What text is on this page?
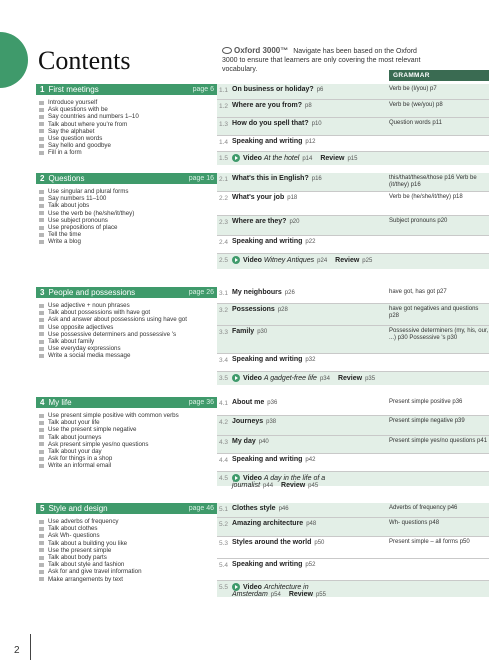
Contents	Oxford 3000™ Navigate has been based on the Oxford 3000 to ensure that learners are only covering the most relevant vocabulary.
GRAMMAR
1 First meetings	page 6
Introduce yourself
Ask questions with be
Say countries and numbers 1–10
Talk about where you're from
Say the alphabet
Use question words
Say hello and goodbye
Fill in a form
1.1 On business or holiday? p6	Verb be (I/you) p7
1.2 Where are you from? p8	Verb be (we/you) p8
1.3 How do you spell that? p10	Question words p11
1.4 Speaking and writing p12
1.5	Video At the hotel p14 Review p15
2 Questions	page 16
Use singular and plural forms
Say numbers 11–100
Talk about jobs
Use the verb be (he/she/it/they)
Use subject pronouns
Use prepositions of place
Tell the time
Write a blog
2.1 What's this in English? p16	this/that/these/those p16 Verb be (it/they) p16
2.2 What's your job p18	Verb be (he/she/it/they) p18
2.3 Where are they? p20	Subject pronouns p20
2.4 Speaking and writing p22
2.5	Video Witney Antiques p24 Review p25
3 People and possessions	page 26
Use adjective + noun phrases
Talk about possessions with have got
Ask and answer about possessions using have got
Use opposite adjectives
Use possessive determiners and possessive 's
Talk about family
Use everyday expressions
Write a social media message
3.1 My neighbours p26	have got, has got p27
3.2 Possessions p28	have got negatives and questions p28
3.3 Family p30	Possessive determiners (my, his, our, ...) p30 Possessive 's p30
3.4 Speaking and writing p32
3.5	Video A gadget-free life p34 Review p35
4 My life	page 36
Use present simple positive with common verbs
Talk about your life
Use the present simple negative
Talk about journeys
Ask present simple yes/no questions
Talk about your day
Ask for things in a shop
Write an informal email
4.1 About me p36	Present simple positive p36
4.2 Journeys p38	Present simple negative p39
4.3 My day p40	Present simple yes/no questions p41
4.4 Speaking and writing p42
4.5	Video A day in the life of a journalist p44 Review p45
5 Style and design	page 46
Use adverbs of frequency
Talk about clothes
Ask Wh- questions
Talk about a building you like
Use the present simple
Talk about body parts
Talk about style and fashion
Ask for and give travel information
Make arrangements by text
5.1 Clothes style p46	Adverbs of frequency p46
5.2 Amazing architecture p48	Wh- questions p48
5.3 Styles around the world p50	Present simple – all forms p50
5.4 Speaking and writing p52
5.5	Video Architecture in Amsterdam p54 Review p55
2
